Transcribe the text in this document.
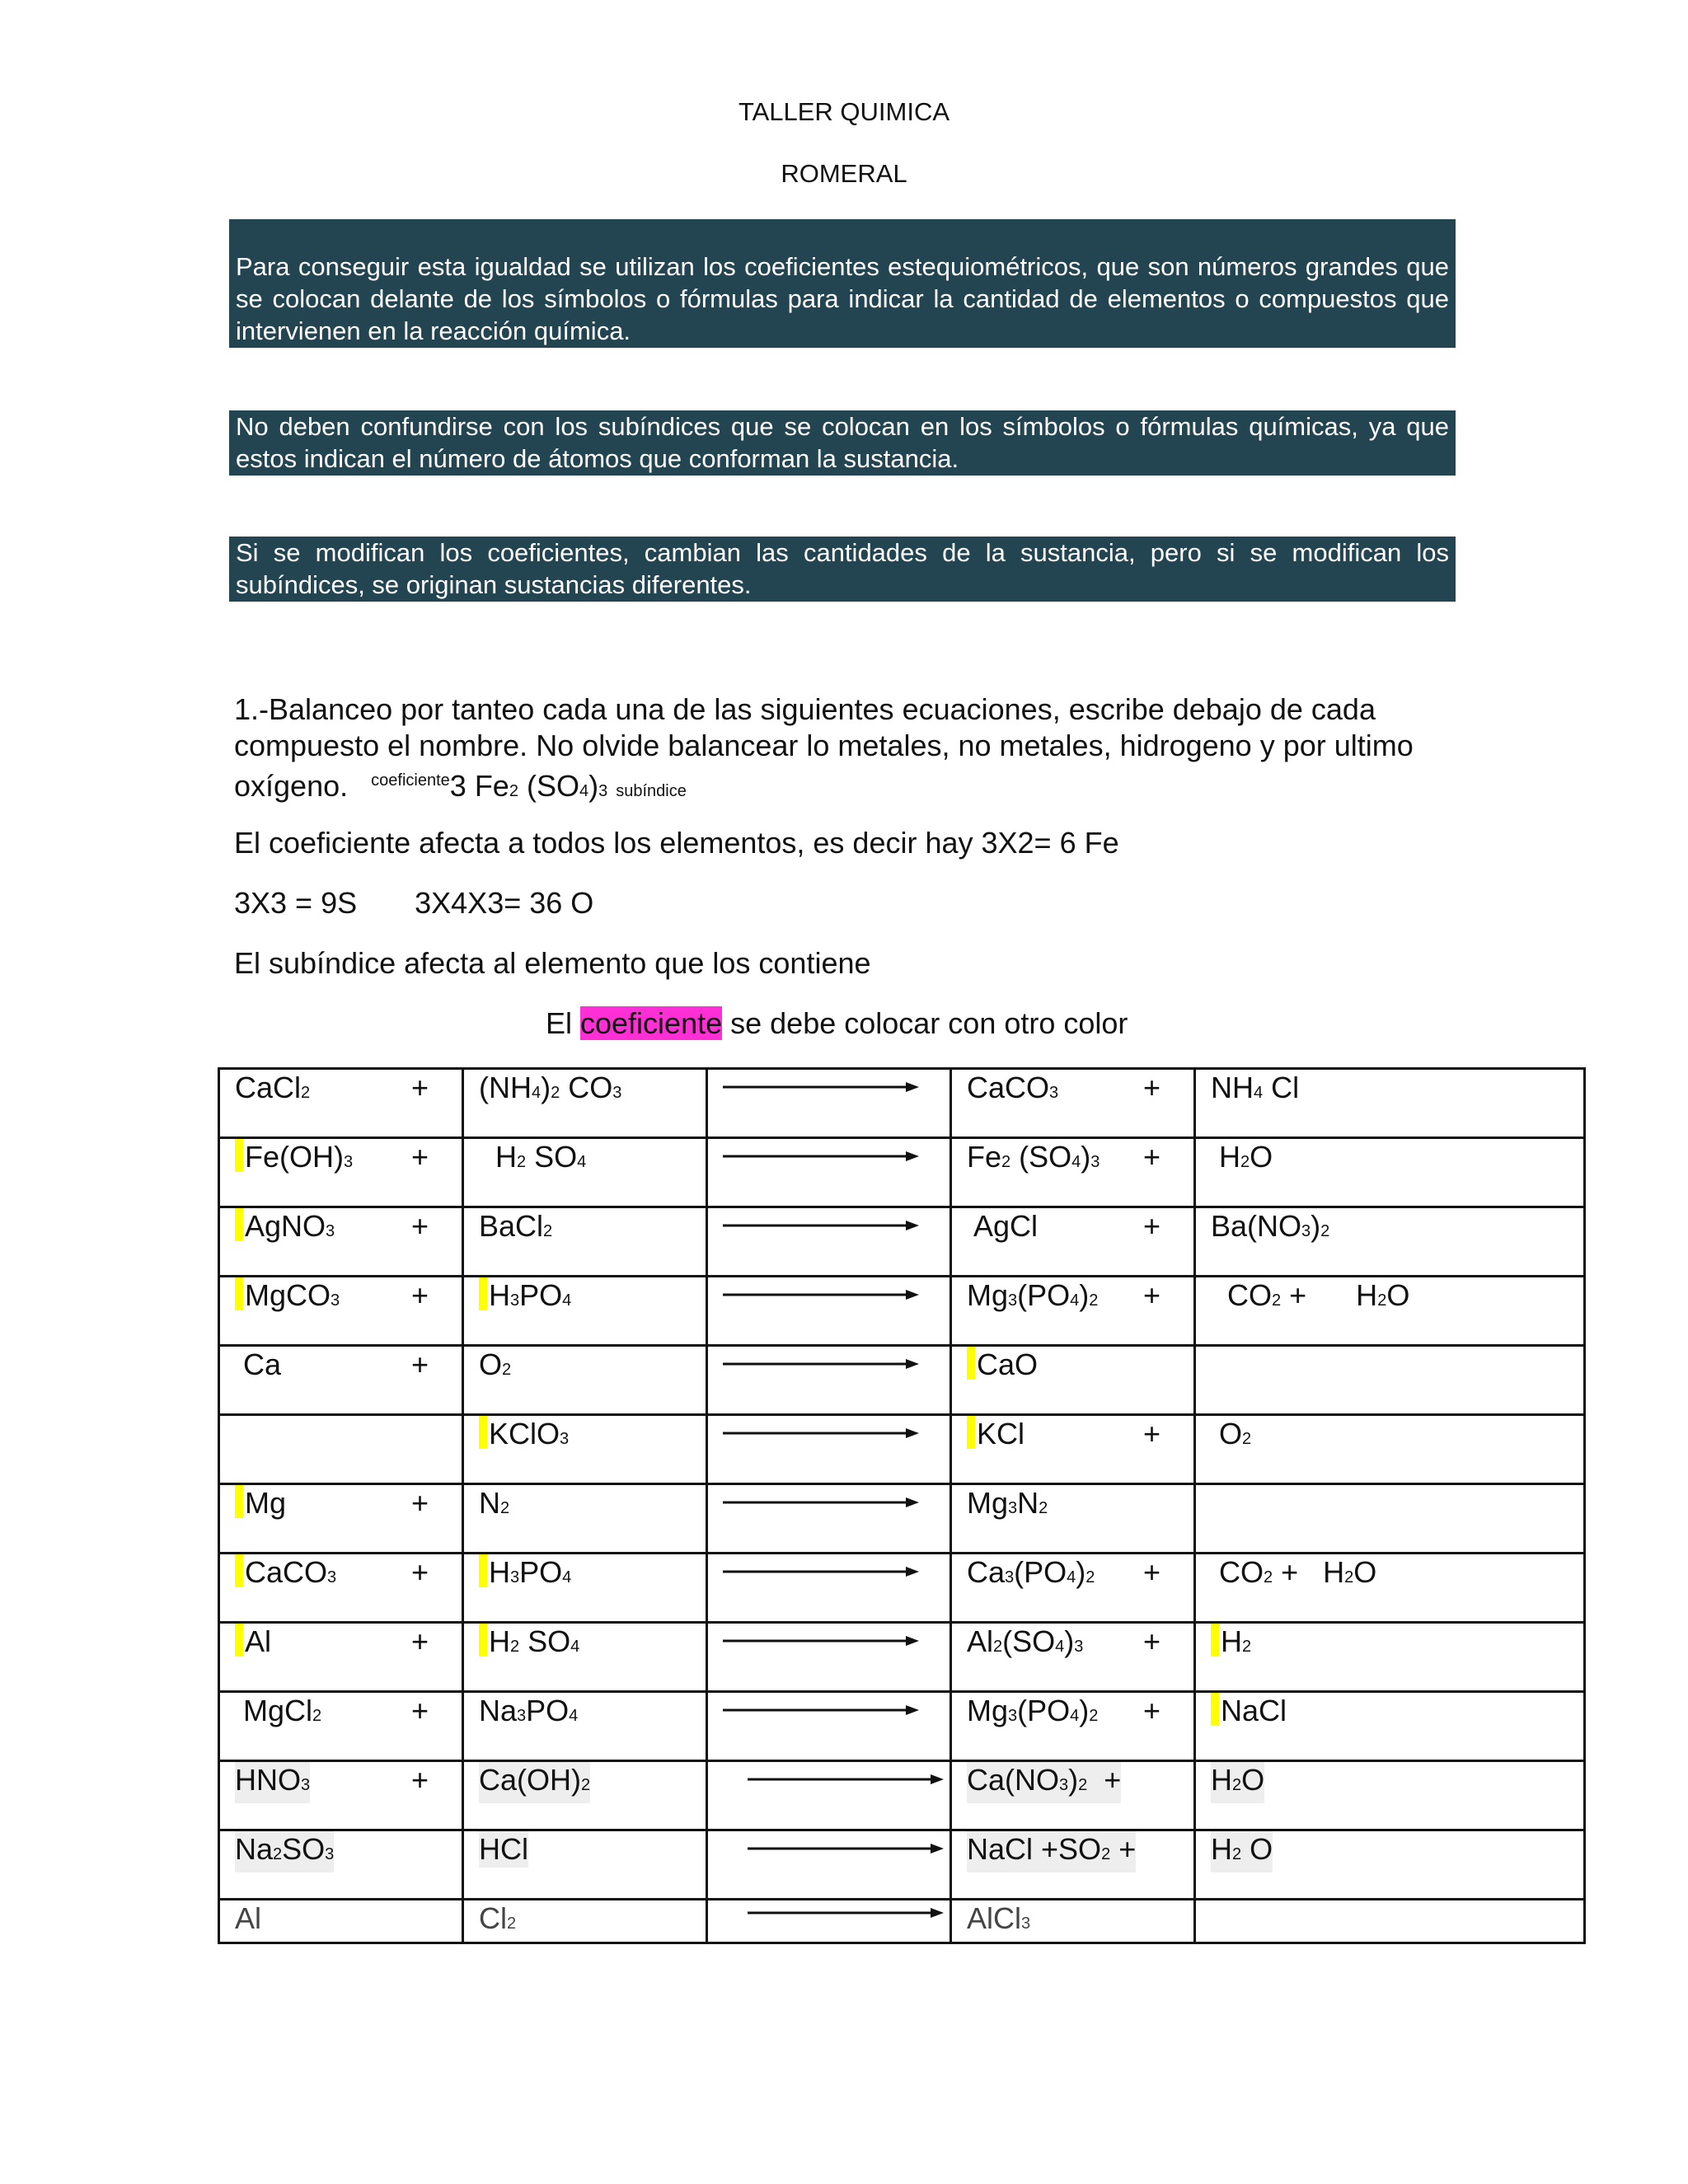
TALLER QUIMICA
ROMERAL
Para conseguir esta igualdad se utilizan los coeficientes estequiométricos, que son números grandes que se colocan delante de los símbolos o fórmulas para indicar la cantidad de elementos o compuestos que intervienen en la reacción química.
No deben confundirse con los subíndices que se colocan en los símbolos o fórmulas químicas, ya que estos indican el número de átomos que conforman la sustancia.
Si se modifican los coeficientes, cambian las cantidades de la sustancia, pero si se modifican los subíndices, se originan sustancias diferentes.
1.-Balanceo por tanteo cada una de las siguientes ecuaciones, escribe debajo de cada
compuesto el nombre. No olvide balancear lo metales, no metales, hidrogeno y por ultimo
oxígeno. $^{coeficiente}$3 Fe2 (SO4)3 subíndice
El coeficiente afecta a todos los elementos, es decir hay 3X2= 6 Fe
3X3 = 9S 3X4X3= 36 O
El subíndice afecta al elemento que los contiene
El coeficiente se debe colocar con otro color
CaCl2 +	(NH4)2 CO3		CaCO3 +	NH4 Cl

Fe(OH)3 +	H2 SO4		Fe2 (SO4)3 +	H2O

AgNO3 +	BaCl2		AgCl +	Ba(NO3)2

MgCO3 +	H3PO4		Mg3(PO4)2 +	CO2 +      H2O

Ca +	O2		CaO	

	KClO3		KCl +	O2

Mg +	N2		Mg3N2	

CaCO3 +	H3PO4		Ca3(PO4)2 +	CO2 +   H2O

Al +	H2 SO4		Al2(SO4)3 +	H2

MgCl2 +	Na3PO4		Mg3(PO4)2 +	NaCl

HNO3 +	Ca(OH)2		Ca(NO3)2  +	H2O

Na2SO3	HCl		NaCl +SO2 +	H2 O

Al	Cl2		AlCl3	
